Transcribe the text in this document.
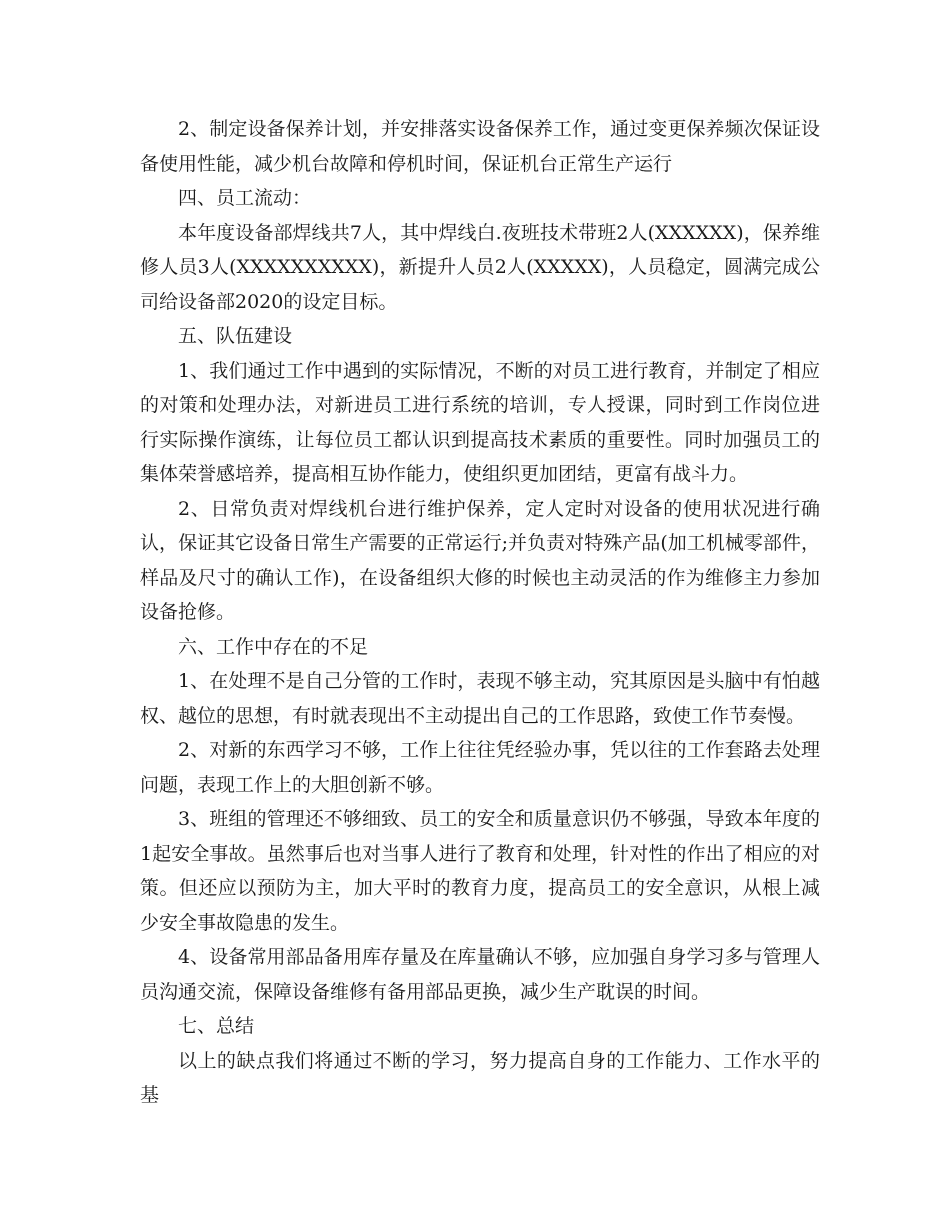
2、制定设备保养计划，并安排落实设备保养工作，通过变更保养频次保证设备使用性能，减少机台故障和停机时间，保证机台正常生产运行

四、员工流动：

本年度设备部焊线共7人，其中焊线白.夜班技术带班2人(XXXXXX)，保养维修人员3人(XXXXXXXXXX)，新提升人员2人(XXXXX)，人员稳定，圆满完成公司给设备部2020的设定目标。

五、队伍建设

1、我们通过工作中遇到的实际情况，不断的对员工进行教育，并制定了相应的对策和处理办法，对新进员工进行系统的培训，专人授课，同时到工作岗位进行实际操作演练，让每位员工都认识到提高技术素质的重要性。同时加强员工的集体荣誉感培养，提高相互协作能力，使组织更加团结，更富有战斗力。

2、日常负责对焊线机台进行维护保养，定人定时对设备的使用状况进行确认，保证其它设备日常生产需要的正常运行;并负责对特殊产品(加工机械零部件，样品及尺寸的确认工作)，在设备组织大修的时候也主动灵活的作为维修主力参加设备抢修。

六、工作中存在的不足

1、在处理不是自己分管的工作时，表现不够主动，究其原因是头脑中有怕越权、越位的思想，有时就表现出不主动提出自己的工作思路，致使工作节奏慢。

2、对新的东西学习不够，工作上往往凭经验办事，凭以往的工作套路去处理问题，表现工作上的大胆创新不够。

3、班组的管理还不够细致、员工的安全和质量意识仍不够强，导致本年度的1起安全事故。虽然事后也对当事人进行了教育和处理，针对性的作出了相应的对策。但还应以预防为主，加大平时的教育力度，提高员工的安全意识，从根上减少安全事故隐患的发生。

4、设备常用部品备用库存量及在库量确认不够，应加强自身学习多与管理人员沟通交流，保障设备维修有备用部品更换，减少生产耽误的时间。

七、总结

以上的缺点我们将通过不断的学习，努力提高自身的工作能力、工作水平的基
